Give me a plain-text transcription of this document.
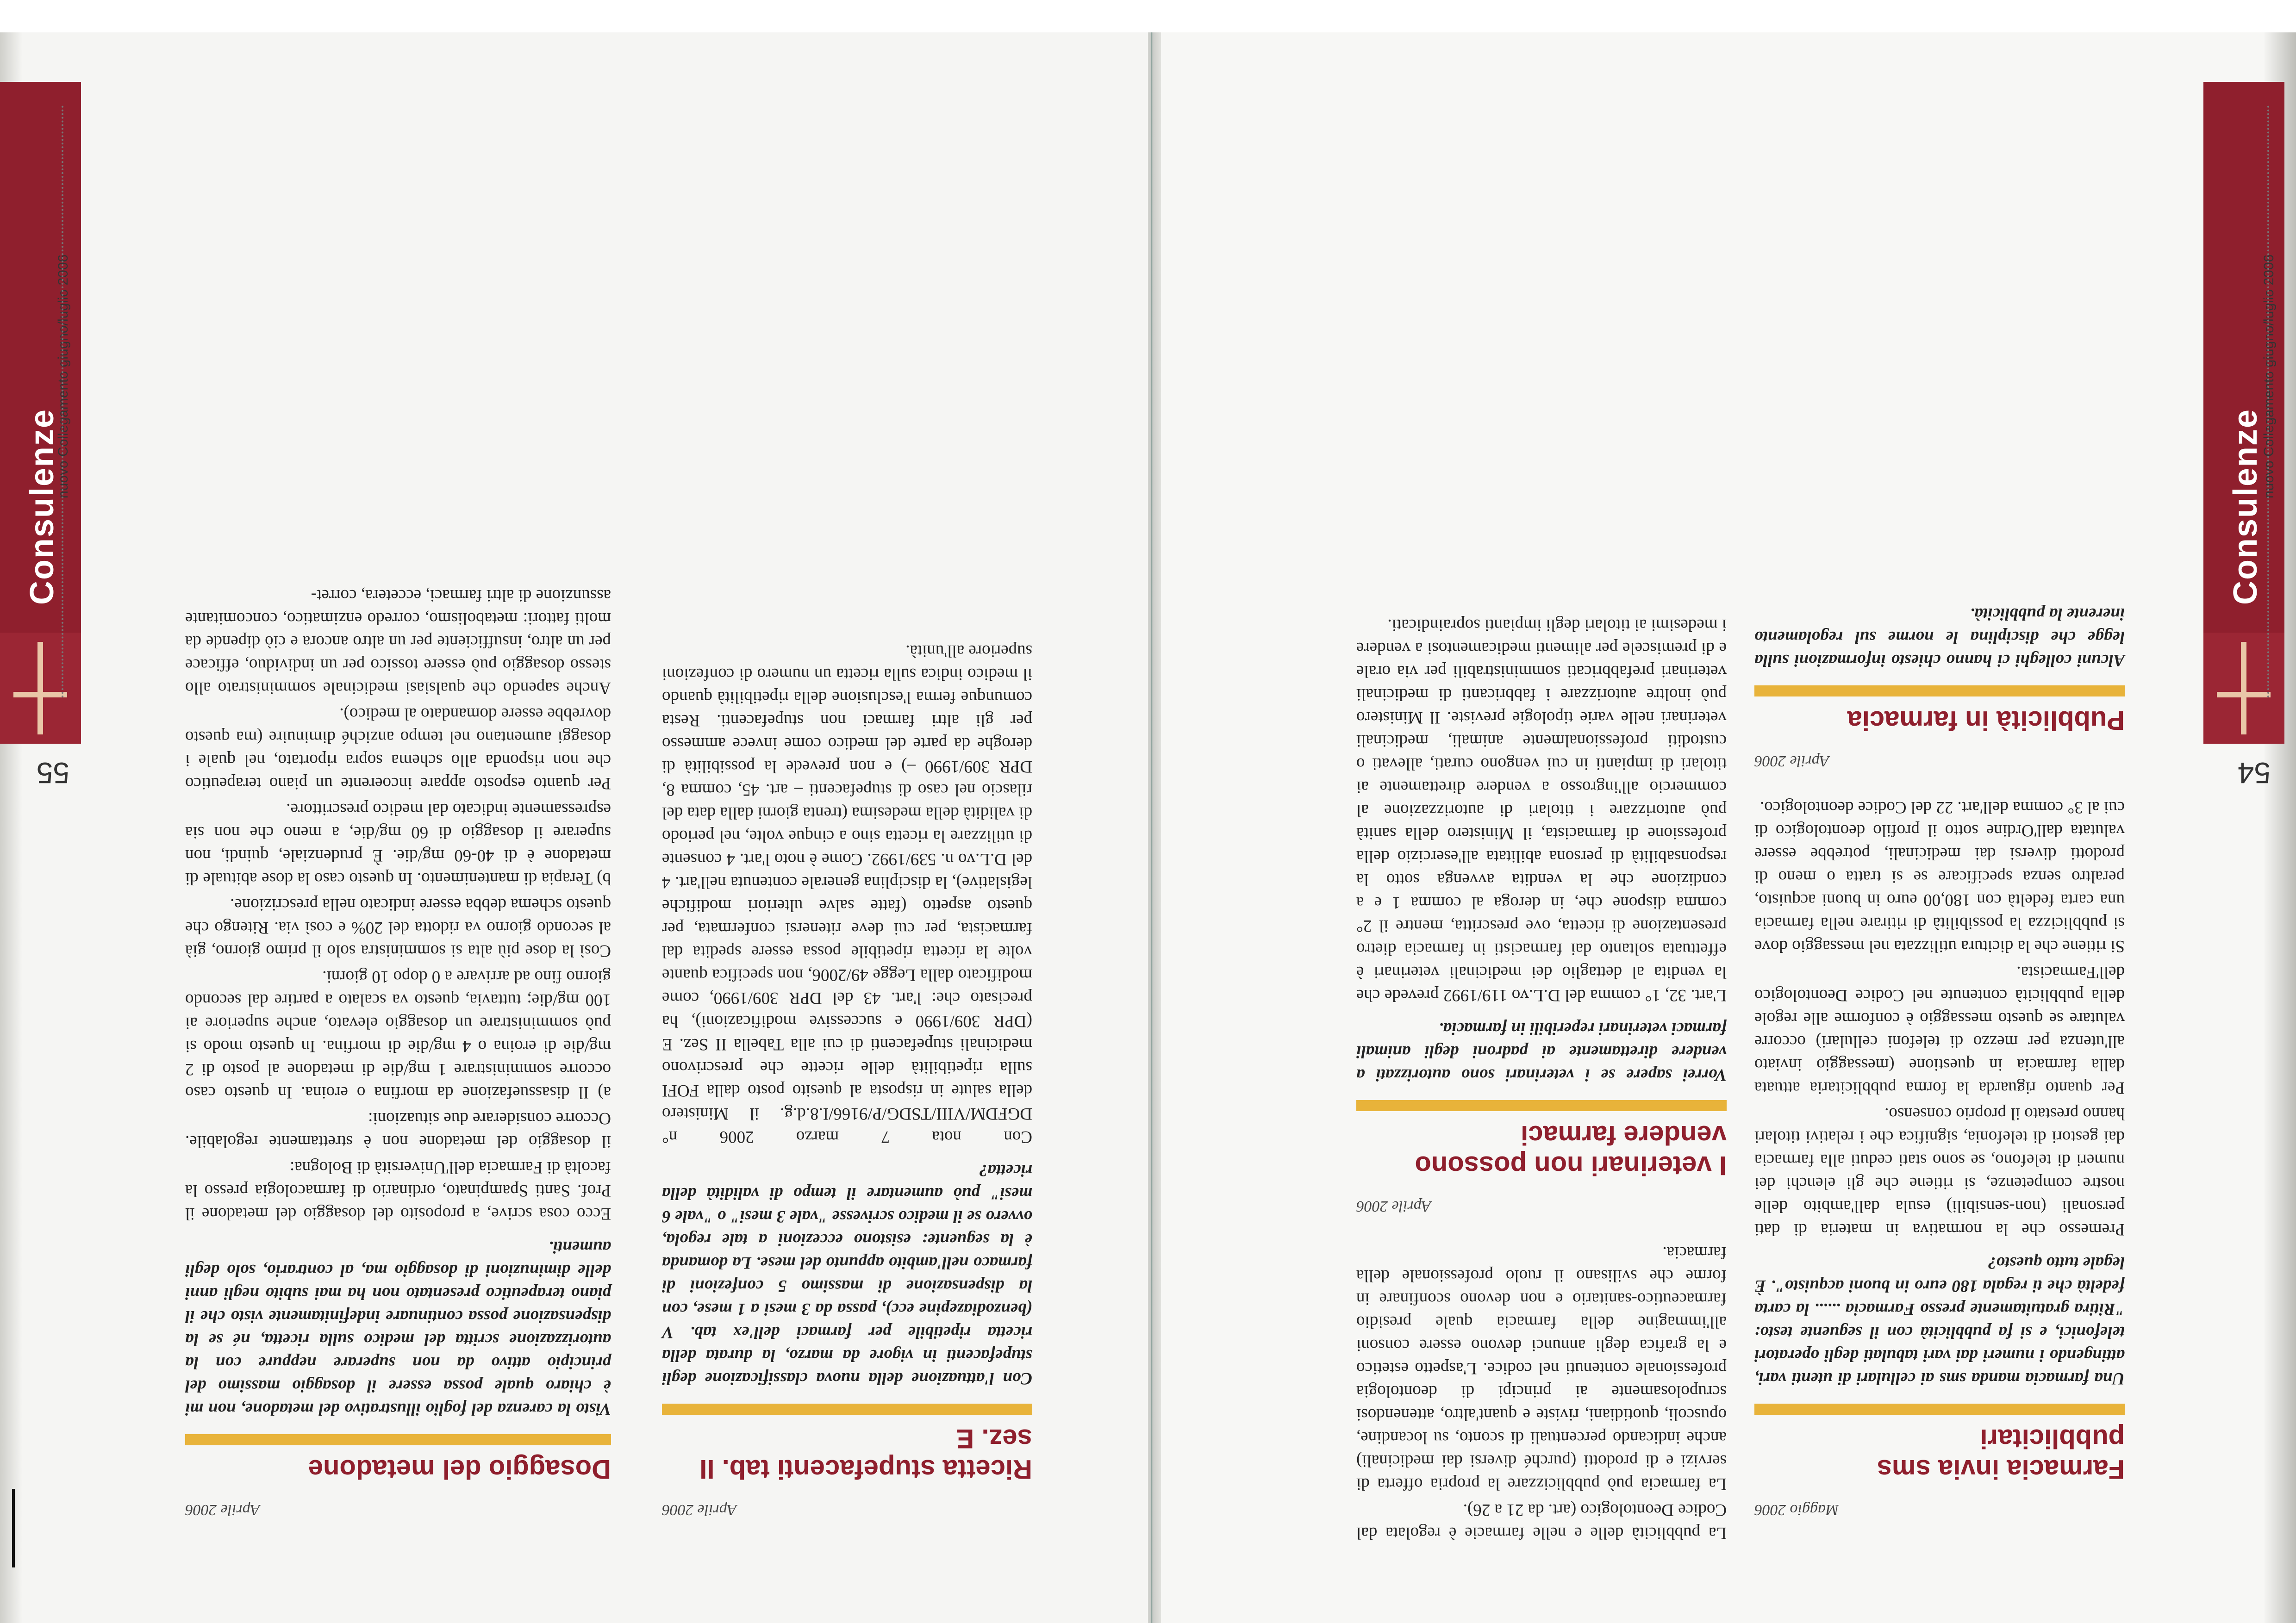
Consulenze
54
nuovo Collegamento giugno/luglio 2006
Maggio 2006
Farmacia invia sms pubblicitari
Una farmacia manda sms ai cellulari di utenti vari, attingendo i numeri dai vari tabulati degli operatori telefonici, e si fa pubblicità con il seguente testo: "Ritira gratuitamente presso Farmacia ...... la carta fedeltà che ti regala 180 euro in buoni acquisto". È legale tutto questo?

Premesso che la normativa in materia di dati personali (non-sensibili) esula dall'ambito delle nostre competenze, si ritiene che gli elenchi dei numeri di telefono, se sono stati ceduti alla farmacia dai gestori di telefonia, significa che i relativi titolari hanno prestato il proprio consenso.

Per quanto riguarda la forma pubblicitaria attuata dalla farmacia in questione (messaggio inviato all'utenza per mezzo di telefoni cellulari) occorre valutare se questo messaggio è conforme alle regole della pubblicità contenute nel Codice Deontologico dell'Farmacista.

Si ritiene che la dicitura utilizzata nel messaggio dove si pubblicizza la possibilità di ritirare nella farmacia una carta fedeltà con 180,00 euro in buoni acquisto, peraltro senza specificare se si tratta o meno di prodotti diversi dai medicinali, potrebbe essere valutata dall'Ordine sotto il profilo deontologico di cui al 3° comma dell'art. 22 del Codice deontologico.

Aprile 2006
Pubblicità in farmacia
Alcuni colleghi ci hanno chiesto informazioni sulla legge che disciplina le norme sul regolamento inerente la pubblicità.

La pubblicità delle e nelle farmacie è regolata dal Codice Deontologico (art. da 21 a 26).

La farmacia può pubblicizzare la propria offerta di servizi e di prodotti (purché diversi dai medicinali) anche indicando percentuali di sconto, su locandine, opuscoli, quotidiani, riviste e quant'altro, attenendosi scrupolosamente ai principi di deontologia professionale contenuti nel codice. L'aspetto estetico e la grafica degli annunci devono essere consoni all'immagine della farmacia quale presidio farmaceutico-sanitario e non devono sconfinare in forme che svilisano il ruolo professionale della farmacia.

Aprile 2006
I veterinari non possono vendere farmaci
Vorrei sapere se i veterinari sono autorizzati a vendere direttamente ai padroni degli animali farmaci veterinari reperibili in farmacia.

L'art. 32, 1° comma del D.L.vo 119/1992 prevede che la vendita al dettaglio dei medicinali veterinari è effettuata soltanto dai farmacisti in farmacia dietro presentazione di ricetta, ove prescritta, mentre il 2° comma dispone che, in deroga al comma 1 e a condizione che la vendita avvenga sotto la responsabilità di persona abilitata all'esercizio della professione di farmacista, il Ministero della sanità può autorizzare i titolari di autorizzazione al commercio all'ingrosso a vendere direttamente ai titolari di impianti in cui vengono curati, allevati o custoditi professionalmente animali, medicinali veterinari nelle varie tipologie previste. Il Ministero può inoltre autorizzare i fabbricanti di medicinali veterinari prefabbricati somministrabili per via orale e di premiscele per alimenti medicamentosi a vendere i medesimi ai titolari degli impianti sopraindicati.

Consulenze
55
nuovo Collegamento giugno/luglio 2006
Aprile 2006
Ricetta stupefacenti tab. II sez. E
Con l'attuazione della nuova classificazione degli stupefacenti in vigore da marzo, la durata della ricetta ripetibile per farmaci dell'ex tab. V (benzodiazepine ecc), passa da 3 mesi a 1 mese, con la dispensazione di massimo 5 confezioni di farmaco nell'ambito appunto del mese. La domanda è la seguente: esistono eccezioni a tale regola, ovvero se il medico scrivesse "vale 3 mesi" o "vale 6 mesi" può aumentare il tempo di validità della ricetta?

Con nota 7 marzo 2006 n° DGFDM/VIII/TSDG/P/9166/I.8.d.g. il Ministero della salute in risposta al quesito posto dalla FOFI sulla ripetibilità delle ricette che prescrivono medicinali stupefacenti di cui alla Tabella II Sez. E (DPR 309/1990 e successive modificazioni), ha precisato che: l'art. 43 del DPR 309/1990, come modificato dalla Legge 49/2006, non specifica quante volte la ricetta ripetibile possa essere spedita dal farmacista, per cui deve ritenersi confermata, per questo aspetto (fatte salve ulteriori modifiche legislative), la disciplina generale contenuta nell'art. 4 del D.L.vo n. 539/1992. Come è noto l'art. 4 consente di utilizzare la ricetta sino a cinque volte, nel periodo di validità della medesima (trenta giorni dalla data del rilascio nel caso di stupefacenti – art. 45, comma 8, DPR 309/1990 –) e non prevede la possibilità di deroghe da parte del medico come invece ammesso per gli altri farmaci non stupefacenti. Resta comunque ferma l'esclusione della ripetibilità quando il medico indica sulla ricetta un numero di confezioni superiore all'unità.

Aprile 2006
Dosaggio del metadone
Visto la carenza del foglio illustrativo del metadone, non mi è chiaro quale possa essere il dosaggio massimo del principio attivo da non superare neppure con la autorizzazione scritta del medico sulla ricetta, né se la dispensazione possa continuare indefinitamente visto che il piano terapeutico presentato non ha mai subito negli anni delle diminuzioni di dosaggio ma, al contrario, solo degli aumenti.

Ecco cosa scrive, a proposito del dosaggio del metadone il Prof. Santi Spampinato, ordinario di farmacologia presso la facoltà di Farmacia dell'Università di Bologna:

il dosaggio del metadone non è strettamente regolabile. Occorre considerare due situazioni:

a) Il disassuefazione da morfina o eroina. In questo caso occorre somministrare 1 mg/die di metadone al posto di 2 mg/die di eroina o 4 mg/die di morfina. In questo modo si può somministrare un dosaggio elevato, anche superiore ai 100 mg/die; tuttavia, questo va scalato a partire dal secondo giorno fino ad arrivare a 0 dopo 10 giorni.

Così la dose più alta si somministra solo il primo giorno, già al secondo giorno va ridotta del 20% e così via. Ritengo che questo schema debba essere indicato nella prescrizione.

b) Terapia di mantenimento. In questo caso la dose abituale di metadone è di 40-60 mg/die. È prudenziale, quindi, non superare il dosaggio di 60 mg/die, a meno che non sia espressamente indicato dal medico prescrittore.

Per quanto esposto appare incoerente un piano terapeutico che non risponda allo schema sopra riportato, nel quale i dosaggi aumentano nel tempo anziché diminuire (ma questo dovrebbe essere domandato al medico).

Anche sapendo che qualsiasi medicinale somministrato allo stesso dosaggio può essere tossico per un individuo, efficace per un altro, insufficiente per un altro ancora e ciò dipende da molti fattori: metabolismo, corredo enzimatico, concomitante assunzione di altri farmaci, eccetera, corret-
